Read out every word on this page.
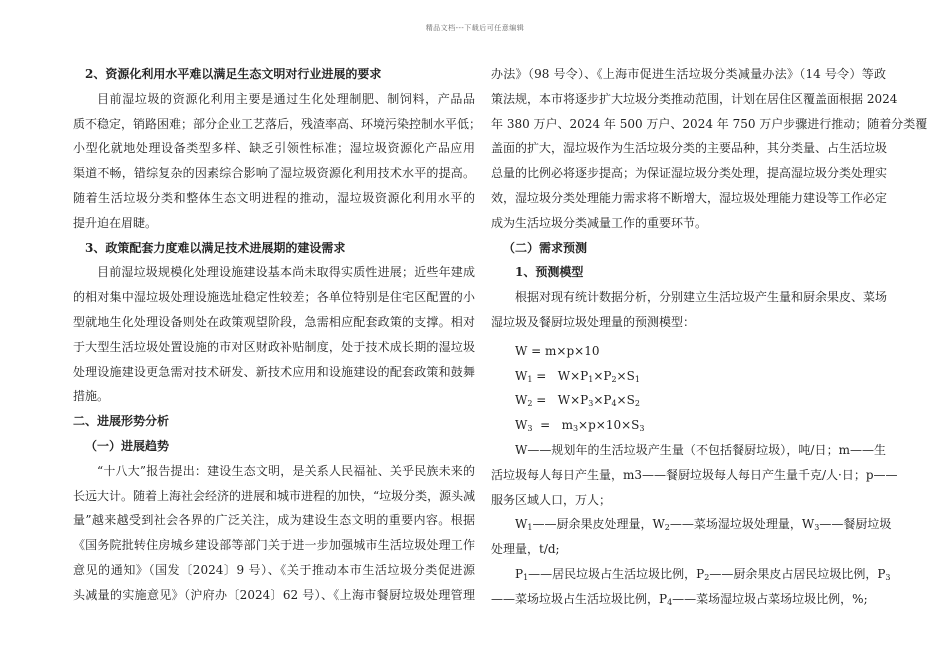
精品文档---下载后可任意编辑
2、资源化利用水平难以满足生态文明对行业进展的要求
目前湿垃圾的资源化利用主要是通过生化处理制肥、制饲料，产品品
质不稳定，销路困难；部分企业工艺落后，残渣率高、环境污染控制水平低；
小型化就地处理设备类型多样、缺乏引领性标准；湿垃圾资源化产品应用
渠道不畅，错综复杂的因素综合影响了湿垃圾资源化利用技术水平的提高。
随着生活垃圾分类和整体生态文明进程的推动，湿垃圾资源化利用水平的
提升迫在眉睫。
3、政策配套力度难以满足技术进展期的建设需求
目前湿垃圾规模化处理设施建设基本尚未取得实质性进展；近些年建成
的相对集中湿垃圾处理设施选址稳定性较差；各单位特别是住宅区配置的小
型就地生化处理设备则处在政策观望阶段，急需相应配套政策的支撑。相对
于大型生活垃圾处置设施的市对区财政补贴制度，处于技术成长期的湿垃圾
处理设施建设更急需对技术研发、新技术应用和设施建设的配套政策和鼓舞
措施。
二、进展形势分析
（一）进展趋势
“十八大”报告提出：建设生态文明，是关系人民福祉、关乎民族未来的
长远大计。随着上海社会经济的进展和城市进程的加快，“垃圾分类，源头减
量”越来越受到社会各界的广泛关注，成为建设生态文明的重要内容。根据
《国务院批转住房城乡建设部等部门关于进一步加强城市生活垃圾处理工作
意见的通知》（国发〔2024〕9 号）、《关于推动本市生活垃圾分类促进源
头减量的实施意见》（沪府办〔2024〕62 号）、《上海市餐厨垃圾处理管理
办法》（98 号令）、《上海市促进生活垃圾分类减量办法》（14 号令）等政
策法规，本市将逐步扩大垃圾分类推动范围，计划在居住区覆盖面根据 2024
年 380 万户、2024 年 500 万户、2024 年 750 万户步骤进行推动；随着分类覆
盖面的扩大，湿垃圾作为生活垃圾分类的主要品种，其分类量、占生活垃圾
总量的比例必将逐步提高；为保证湿垃圾分类处理，提高湿垃圾分类处理实
效，湿垃圾分类处理能力需求将不断增大，湿垃圾处理能力建设等工作必定
成为生活垃圾分类减量工作的重要环节。
（二）需求预测
1、预测模型
根据对现有统计数据分析，分别建立生活垃圾产生量和厨余果皮、菜场
湿垃圾及餐厨垃圾处理量的预测模型：
W = m×p×10
$W_1 = W\times P_1\times P_2\times S_1$
$W_2 = W\times P_3\times P_4\times S_2$
$W_3 = m_3\times p\times 10\times S_3$
W——规划年的生活垃圾产生量（不包括餐厨垃圾），吨/日；m——生
活垃圾每人每日产生量，m3——餐厨垃圾每人每日产生量千克/人·日；p——
服务区域人口，万人；
$W_1——$厨余果皮处理量，$W_2——$菜场湿垃圾处理量，$W_3——$餐厨垃圾
处理量，t/d;
$P_1——$居民垃圾占生活垃圾比例，$P_2——$厨余果皮占居民垃圾比例，$P_3$
——菜场垃圾占生活垃圾比例，$P_4——$菜场湿垃圾占菜场垃圾比例，%;
